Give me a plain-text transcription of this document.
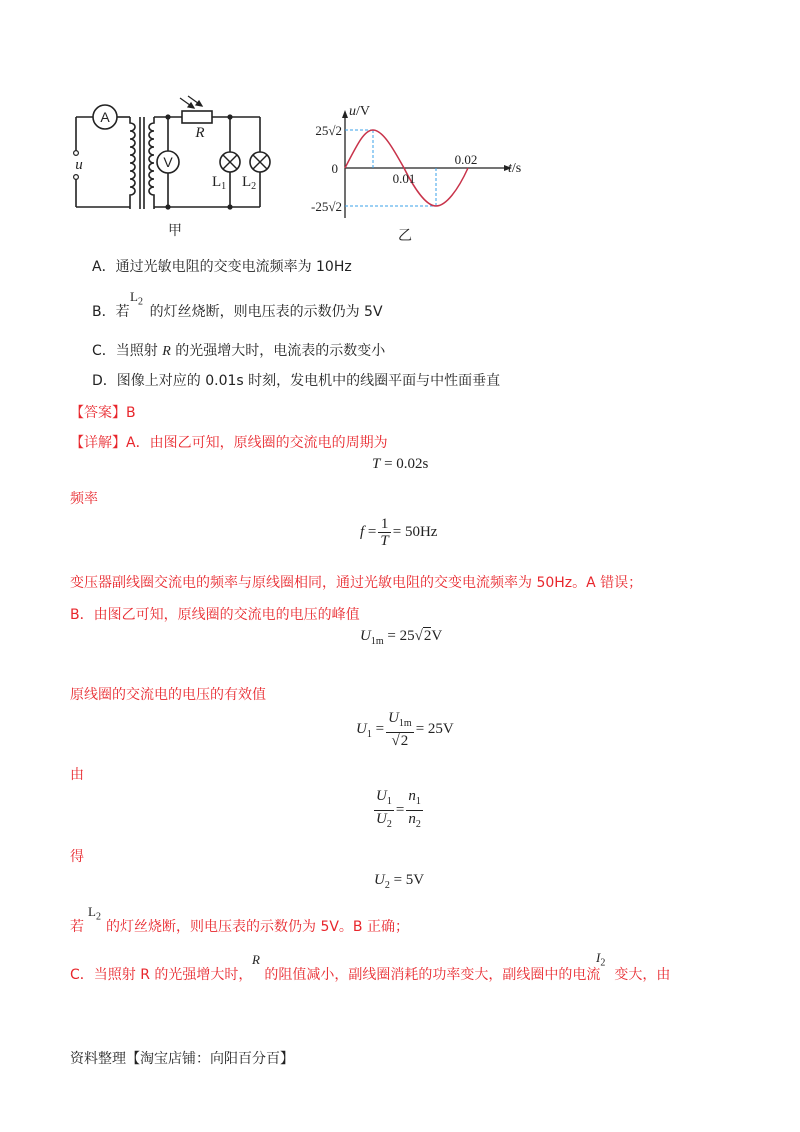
A
V
u
R
$L_1$ $L_2$
甲
u/V
t/s
25√2
-25√2
0
0.01
0.02
乙
A．通过光敏电阻的交变电流频率为 10Hz
B．若 的灯丝烧断，则电压表的示数仍为 5V
$L_2$
C．当照射 R 的光强增大时，电流表的示数变小
D．图像上对应的 0.01s 时刻，发电机中的线圈平面与中性面垂直
【答案】B
【详解】A．由图乙可知，原线圈的交流电的周期为
T = 0.02s
频率
$f = \frac{1}{T} = 50Hz$
变压器副线圈交流电的频率与原线圈相同，通过光敏电阻的交变电流频率为 50Hz。A 错误；
B．由图乙可知，原线圈的交流电的电压的峰值
$U_{1m} = 25√2V$
原线圈的交流电的电压的有效值
$U_1 = \frac{U_{1m}}{√2} = 25V$
由
$\frac{U_1}{U_2} = \frac{n_1}{n_2}$
得
$U_2 = 5V$
若 的灯丝烧断，则电压表的示数仍为 5V。B 正确；
$L_2$
C．当照射 R 的光强增大时， 的阻值减小，副线圈消耗的功率变大，副线圈中的电流 变大，由
R	$I_2$
资料整理【淘宝店铺：向阳百分百】
